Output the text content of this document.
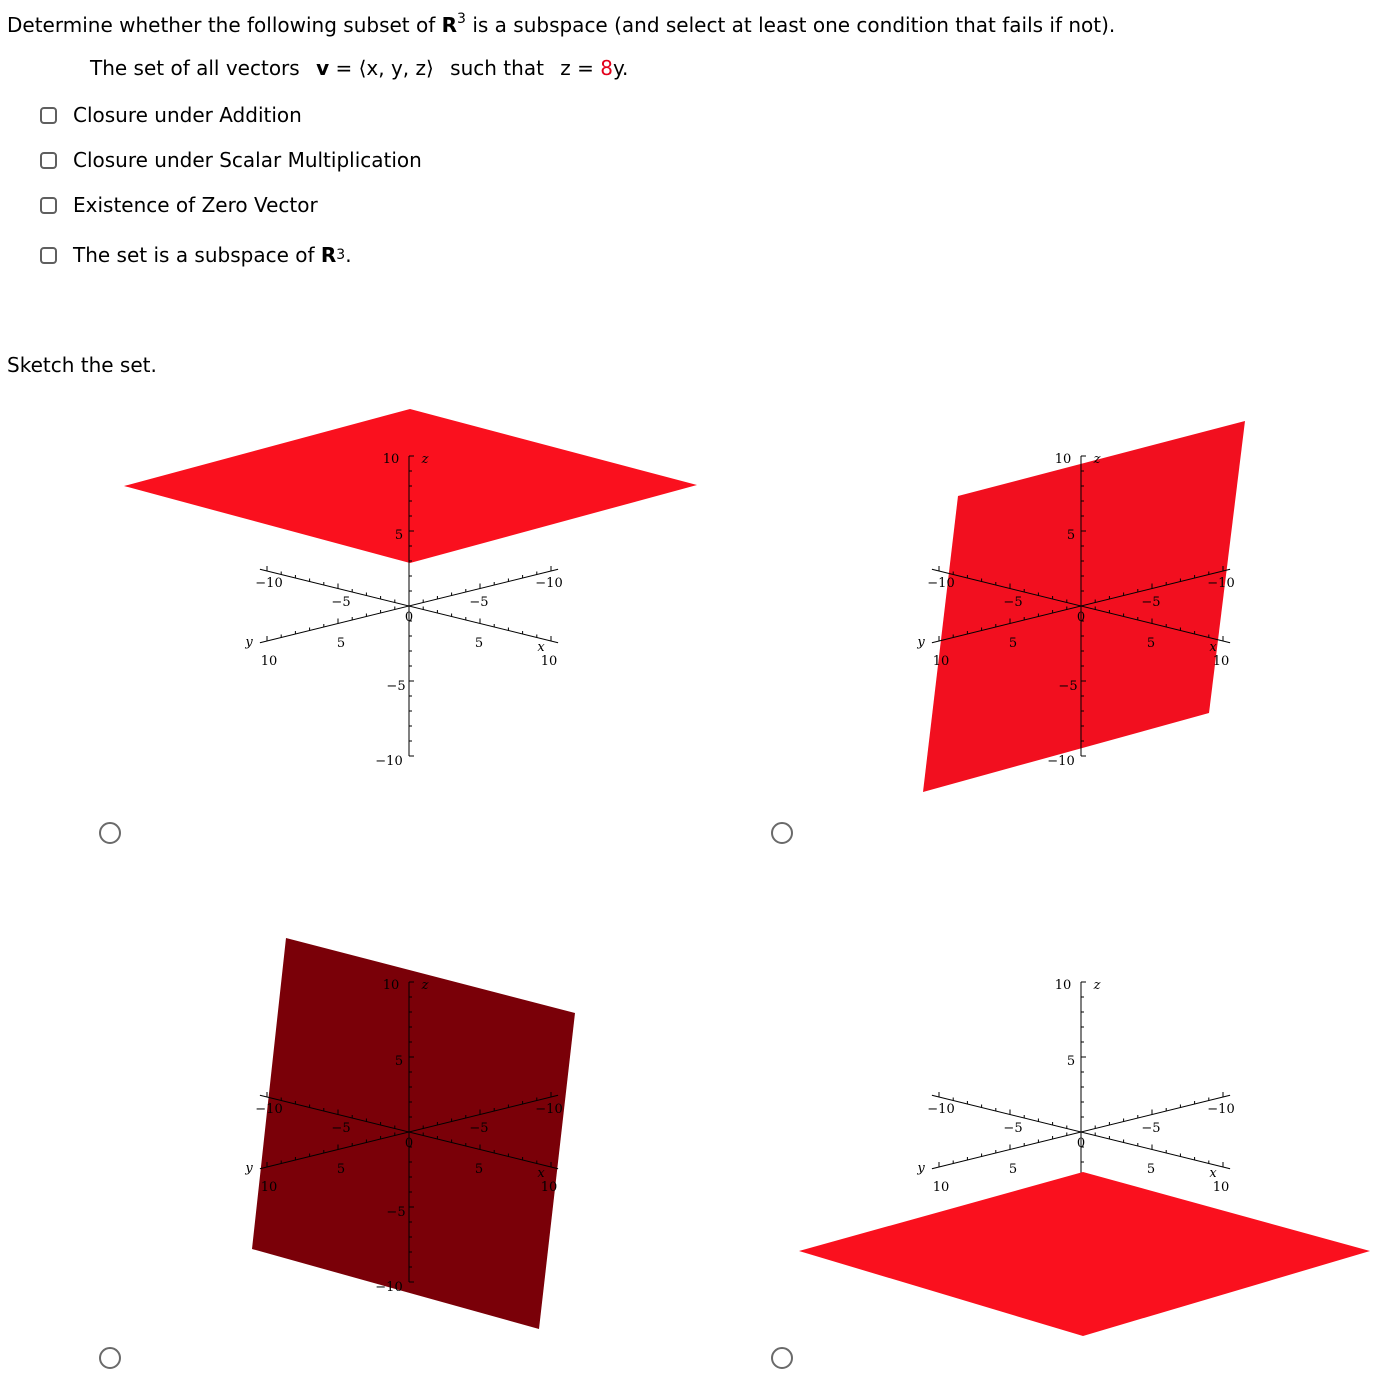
Determine whether the following subset of $R^3$ is a subspace (and select at least one condition that fails if not).
The set of all vectors v = ⟨x, y, z⟩ such that z = 8y.
Closure under Addition
Closure under Scalar Multiplication
Existence of Zero Vector
The set is a subspace of
R 3 .
Sketch the set.
10
5
10
5
−10
−5
−10
−5
10
5
−5
−10
0
x
y
z
10
5
10
5
−10
−5
−10
−5
10
5
−5
−10
0
x
y
z
10
5
10
5
−10
−5
−10
−5
10
5
−5
−10
0
x
y
z
10
5
10
5
−10
−5
−10
−5
10
5
0
x
y
z
